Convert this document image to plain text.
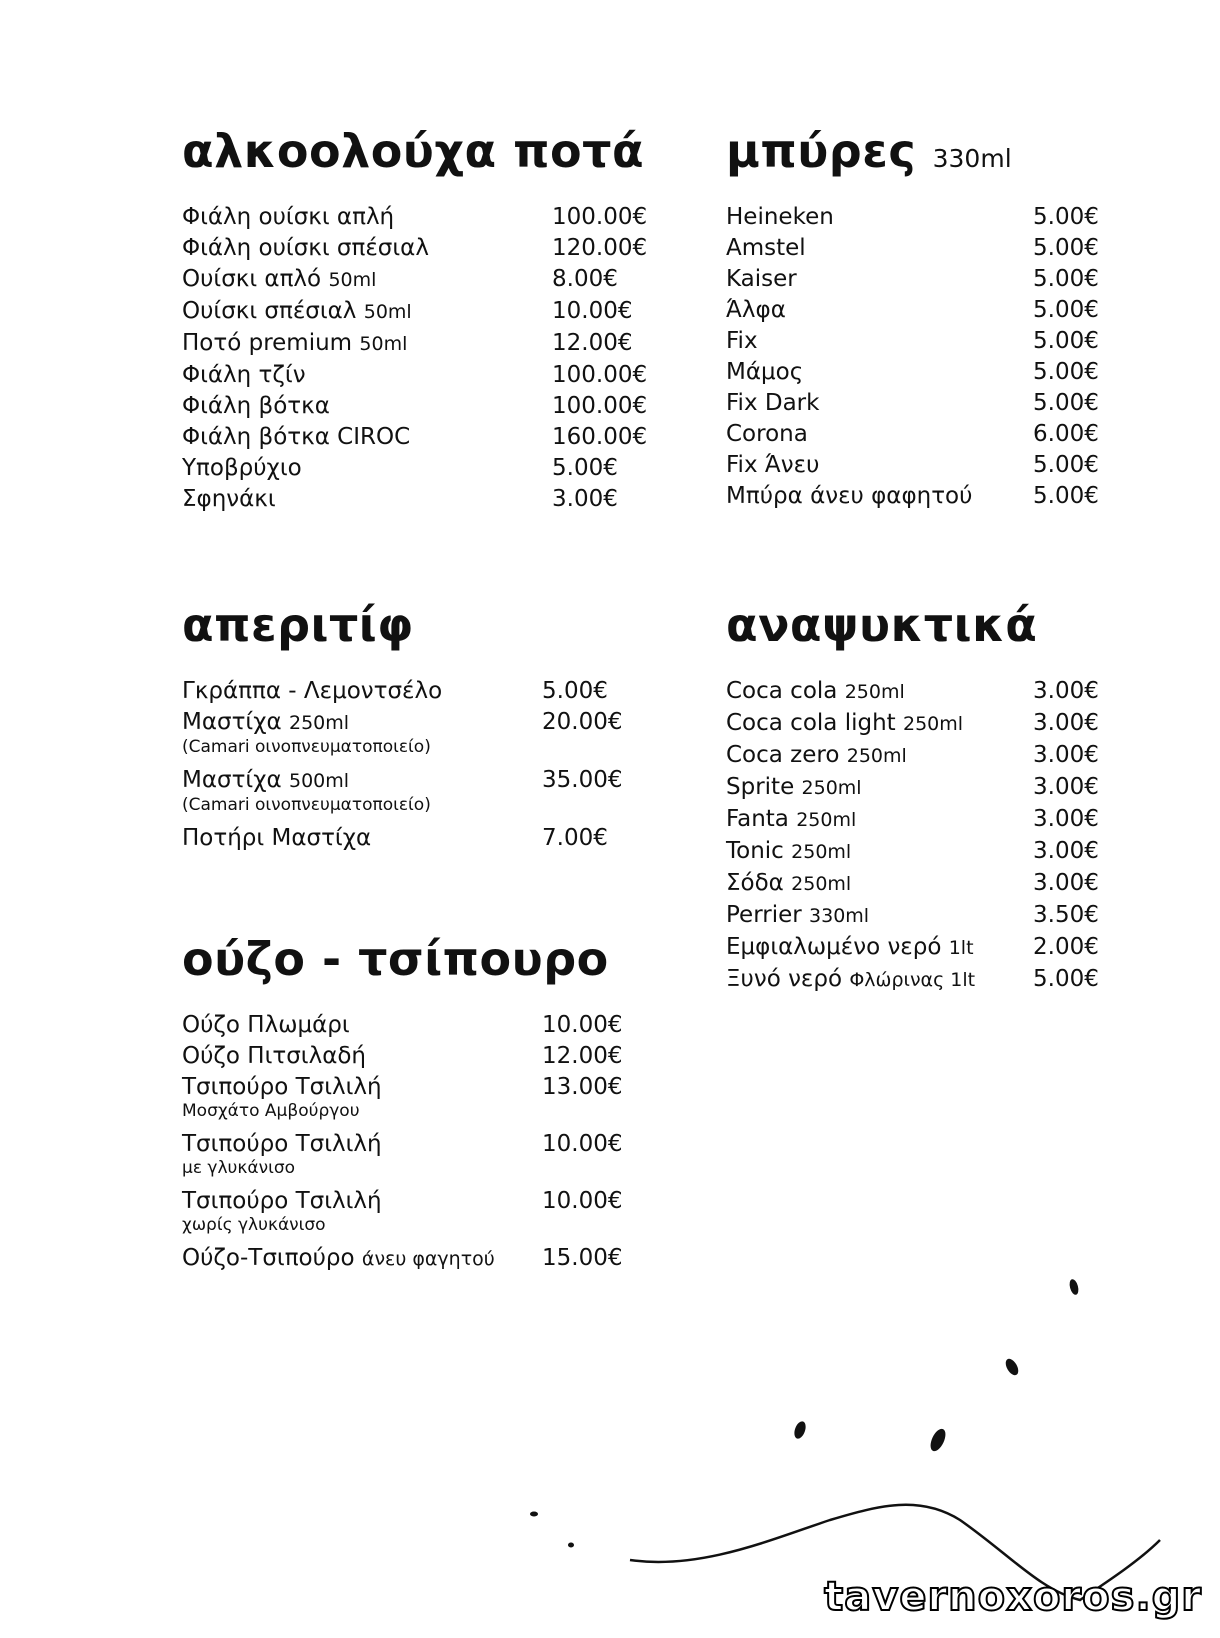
αλκοολούχα ποτά
Φιάλη ουίσκι απλή	100.00€
Φιάλη ουίσκι σπέσιαλ	120.00€
Ουίσκι απλό 50ml	8.00€
Ουίσκι σπέσιαλ 50ml	10.00€
Ποτό premium 50ml	12.00€
Φιάλη τζίν	100.00€
Φιάλη βότκα	100.00€
Φιάλη βότκα CIROC	160.00€
Υποβρύχιο	5.00€
Σφηνάκι	3.00€
μπύρες 330ml
Heineken	5.00€
Amstel	5.00€
Kaiser	5.00€
Άλφα	5.00€
Fix	5.00€
Μάμος	5.00€
Fix Dark	5.00€
Corona	6.00€
Fix Άνευ	5.00€
Μπύρα άνευ φαφητού	5.00€
απεριτίφ
Γκράππα - Λεμοντσέλο	5.00€
Μαστίχα 250ml	20.00€
(Camari οινοπνευματοποιείο)
Μαστίχα 500ml	35.00€
(Camari οινοπνευματοποιείο)
Ποτήρι Μαστίχα	7.00€
αναψυκτικά
Coca cola 250ml	3.00€
Coca cola light 250ml	3.00€
Coca zero 250ml	3.00€
Sprite 250ml	3.00€
Fanta 250ml	3.00€
Tonic 250ml	3.00€
Σόδα 250ml	3.00€
Perrier 330ml	3.50€
Εμφιαλωμένο νερό 1lt	2.00€
Ξυνό νερό Φλώρινας 1lt	5.00€
ούζο - τσίπουρο
Ούζο Πλωμάρι	10.00€
Ούζο Πιτσιλαδή	12.00€
Τσιπούρο Τσιλιλή	13.00€
Μοσχάτο Αμβούργου
Τσιπούρο Τσιλιλή	10.00€
με γλυκάνισο
Τσιπούρο Τσιλιλή	10.00€
χωρίς γλυκάνισο
Ούζο-Τσιπούρο άνευ φαγητού 15.00€
tavernoxoros.gr
